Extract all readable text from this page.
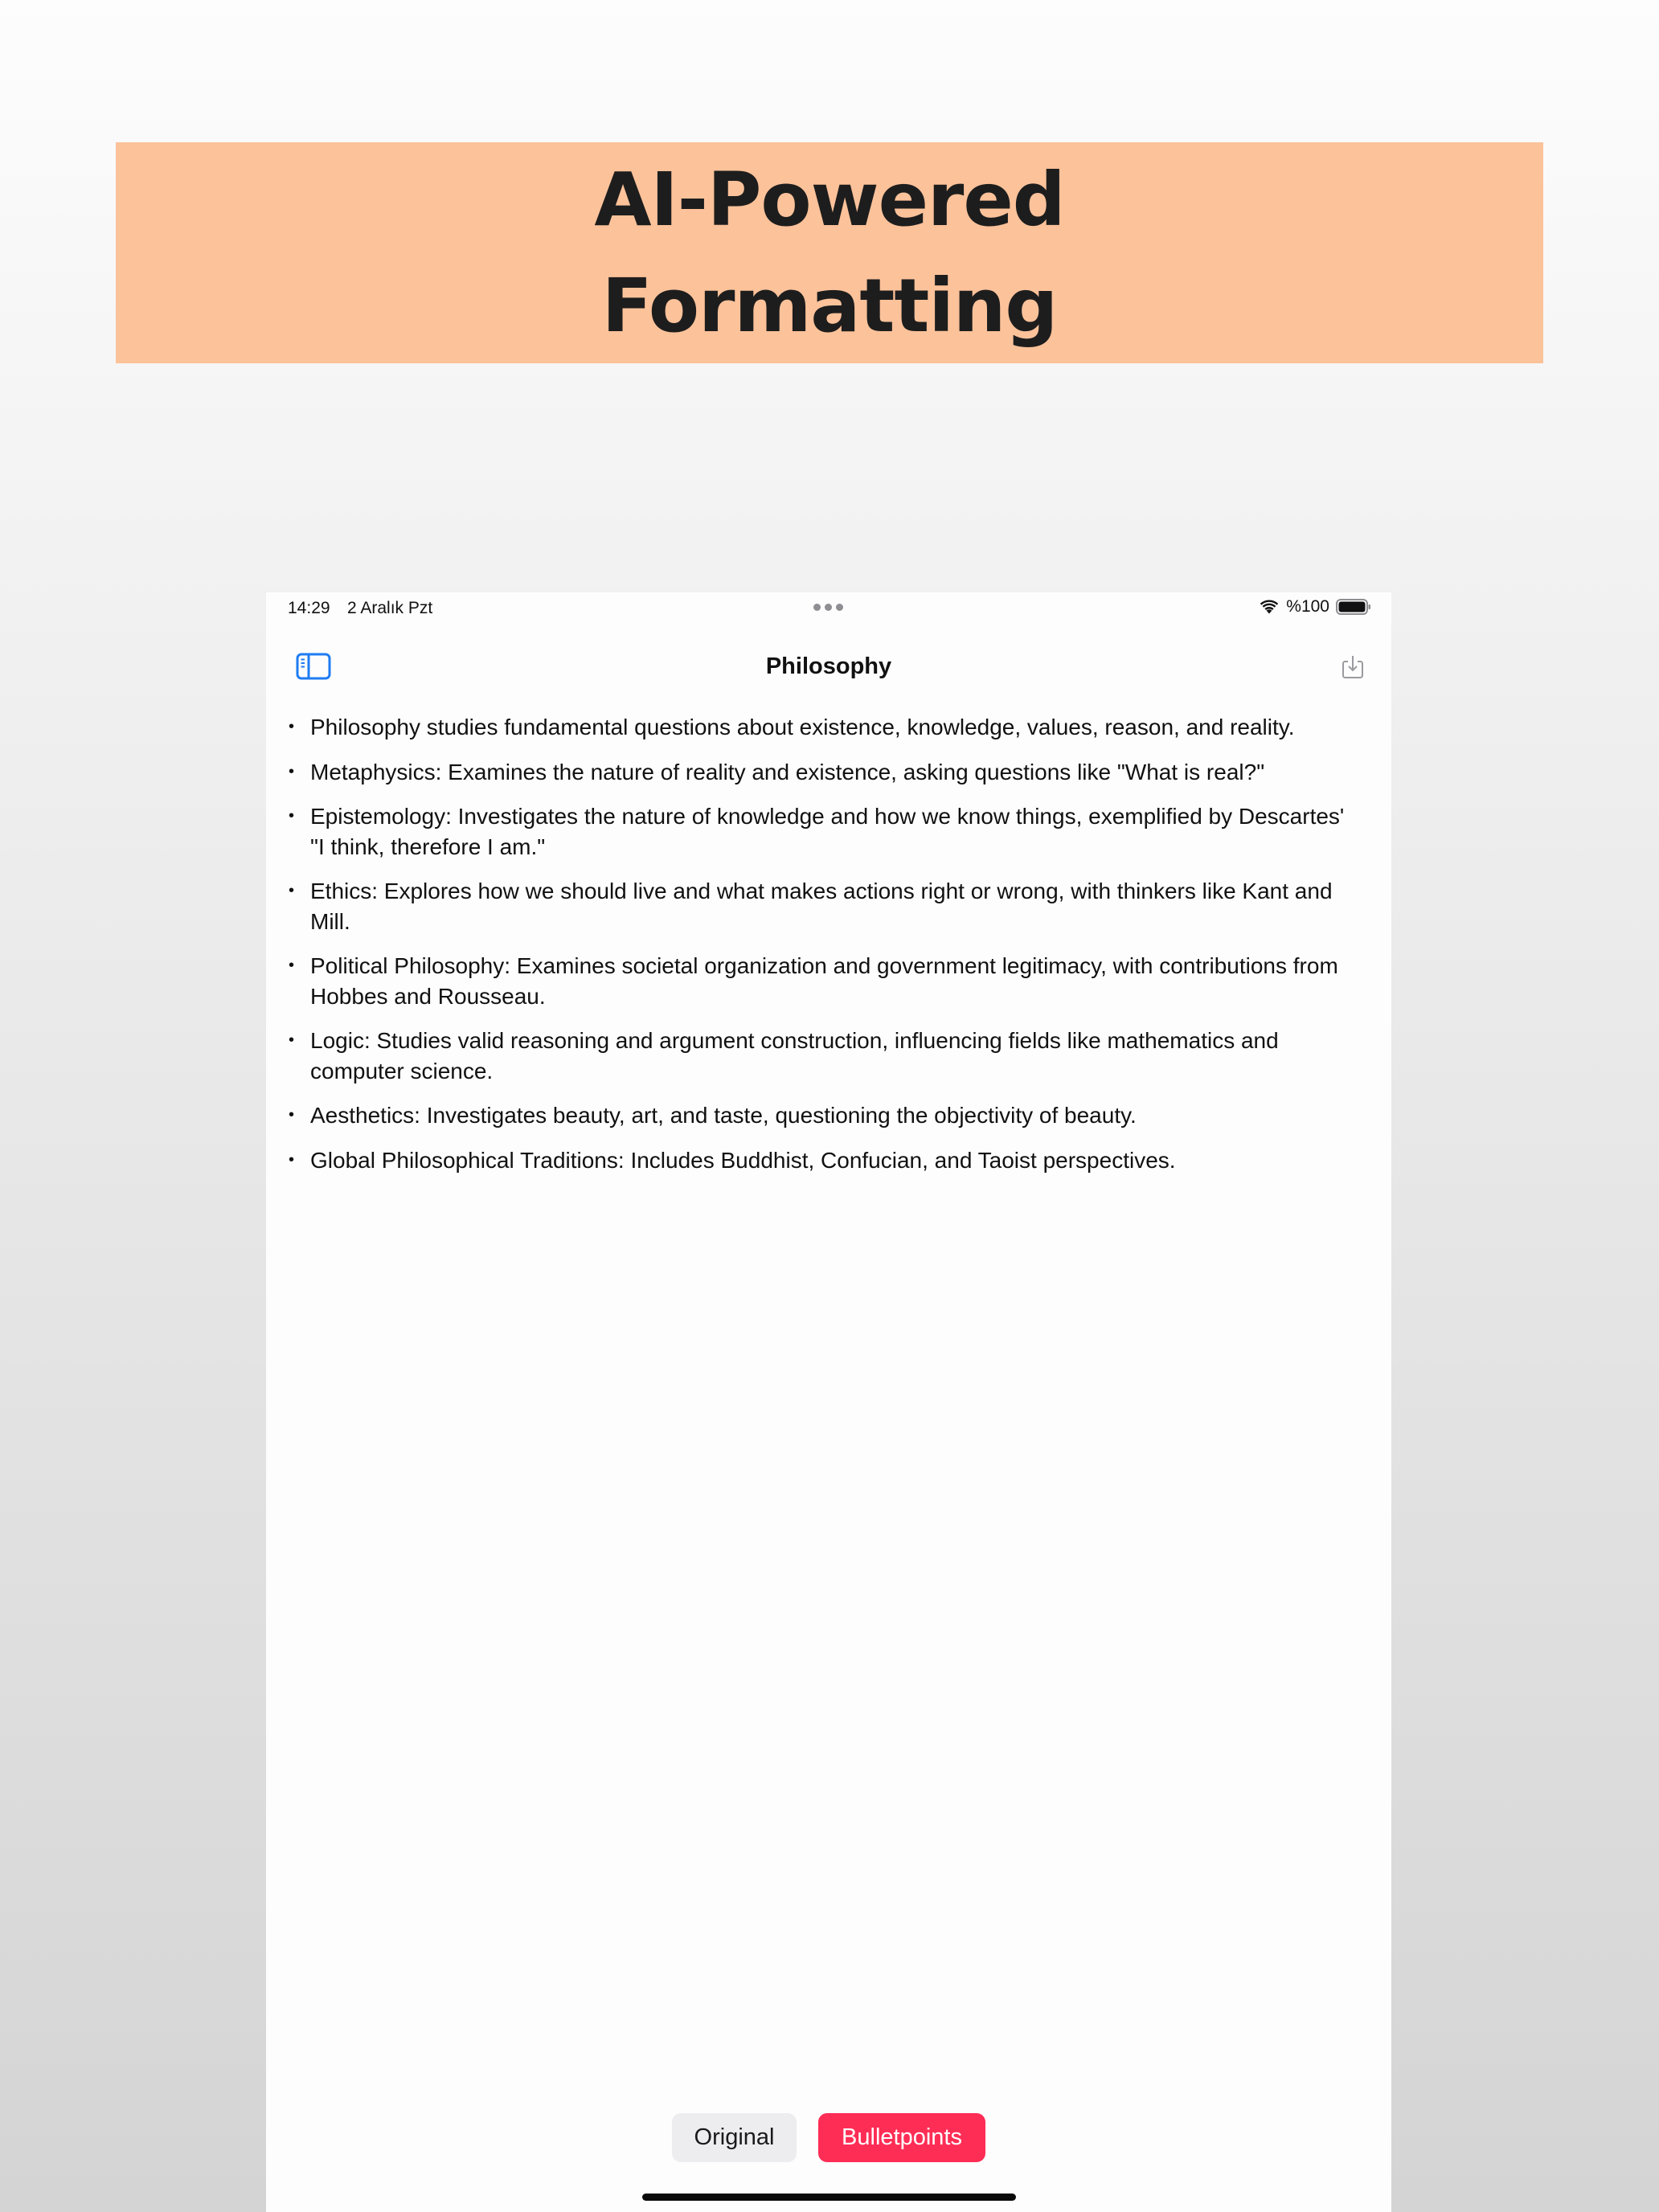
AI-Powered Formatting
14:29 2 Aralık Pzt	%100
Philosophy
• Philosophy studies fundamental questions about existence, knowledge, values, reason, and reality.
• Metaphysics: Examines the nature of reality and existence, asking questions like "What is real?"
• Epistemology: Investigates the nature of knowledge and how we know things, exemplified by Descartes' "I think, therefore I am."
• Ethics: Explores how we should live and what makes actions right or wrong, with thinkers like Kant and Mill.
• Political Philosophy: Examines societal organization and government legitimacy, with contributions from Hobbes and Rousseau.
• Logic: Studies valid reasoning and argument construction, influencing fields like mathematics and computer science.
• Aesthetics: Investigates beauty, art, and taste, questioning the objectivity of beauty.
• Global Philosophical Traditions: Includes Buddhist, Confucian, and Taoist perspectives.
Original	Bulletpoints
